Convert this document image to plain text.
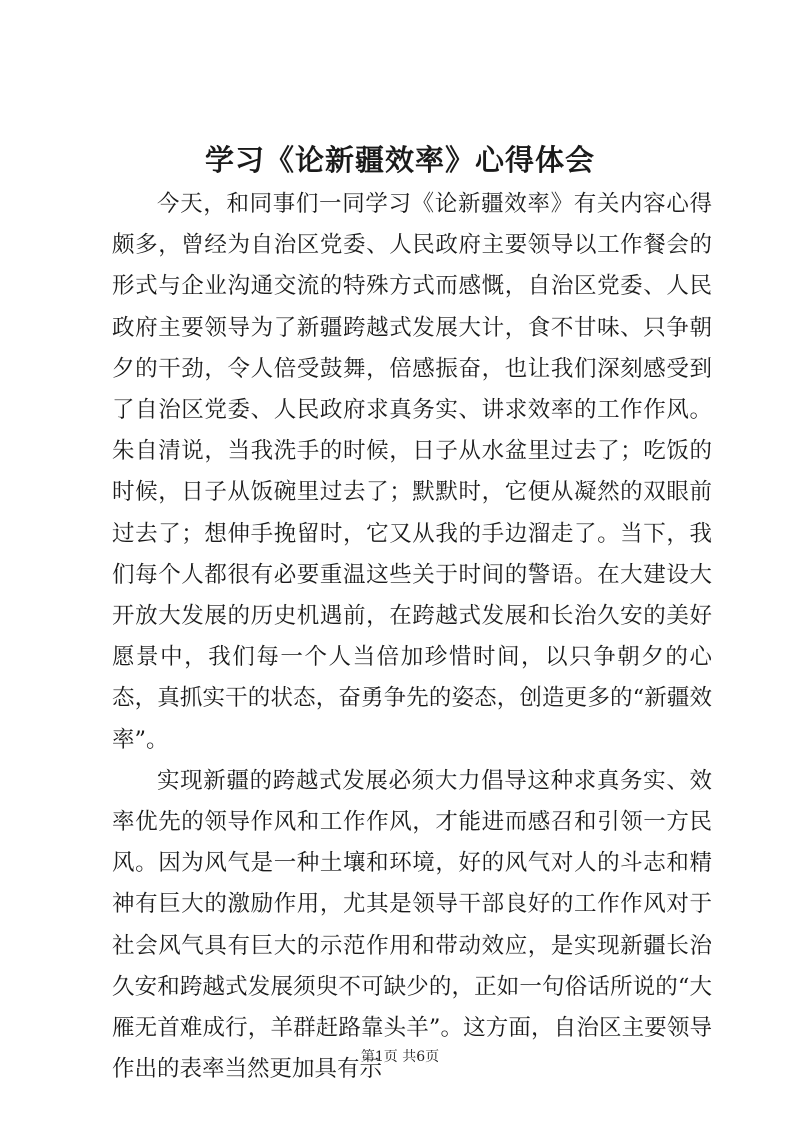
学习《论新疆效率》心得体会

今天，和同事们一同学习《论新疆效率》有关内容心得颇多，曾经为自治区党委、人民政府主要领导以工作餐会的形式与企业沟通交流的特殊方式而感慨，自治区党委、人民政府主要领导为了新疆跨越式发展大计，食不甘味、只争朝夕的干劲，令人倍受鼓舞，倍感振奋，也让我们深刻感受到了自治区党委、人民政府求真务实、讲求效率的工作作风。朱自清说，当我洗手的时候，日子从水盆里过去了；吃饭的时候，日子从饭碗里过去了；默默时，它便从凝然的双眼前过去了；想伸手挽留时，它又从我的手边溜走了。当下，我们每个人都很有必要重温这些关于时间的警语。在大建设大开放大发展的历史机遇前，在跨越式发展和长治久安的美好愿景中，我们每一个人当倍加珍惜时间，以只争朝夕的心态，真抓实干的状态，奋勇争先的姿态，创造更多的“新疆效率”。

实现新疆的跨越式发展必须大力倡导这种求真务实、效率优先的领导作风和工作作风，才能进而感召和引领一方民风。因为风气是一种土壤和环境，好的风气对人的斗志和精神有巨大的激励作用，尤其是领导干部良好的工作作风对于社会风气具有巨大的示范作用和带动效应，是实现新疆长治久安和跨越式发展须臾不可缺少的，正如一句俗话所说的“大雁无首难成行，羊群赶路靠头羊”。这方面，自治区主要领导作出的表率当然更加具有示

第1页 共6页
